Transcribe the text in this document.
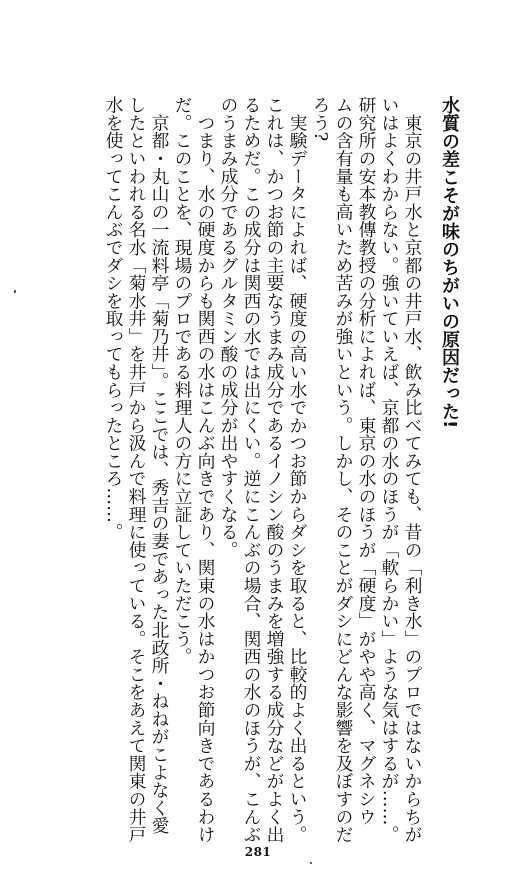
水質の差こそが味のちがいの原因だった!
　東京の井戸水と京都の井戸水、飲み比べてみても、昔の「利き水」のプロではないからちが
いはよくわからない。強いていえば、京都の水のほうが「軟らかい」ような気はするが……。
研究所の安本教傳教授の分析によれば、東京の水のほうが「硬度」がやや高く、マグネシウ
ムの含有量も高いため苦みが強いという。しかし、そのことがダシにどんな影響を及ぼすのだ
ろう?
　実験データによれば、硬度の高い水でかつお節からダシを取ると、比較的よく出るという。
これは、かつお節の主要なうまみ成分であるイノシン酸のうまみを増強する成分などがよく出
るためだ。この成分は関西の水では出にくい。逆にこんぶの場合、関西の水のほうが、こんぶ
のうまみ成分であるグルタミン酸の成分が出やすくなる。
　つまり、水の硬度からも関西の水はこんぶ向きであり、関東の水はかつお節向きであるわけ
だ。このことを、現場のプロである料理人の方に立証していただこう。
　京都・丸山の一流料亭「菊乃井」。ここでは、秀吉の妻であった北政所・ねねがこよなく愛
したといわれる名水「菊水井」を井戸から汲んで料理に使っている。そこをあえて関東の井戸
水を使ってこんぶでダシを取ってもらったところ……。
281
